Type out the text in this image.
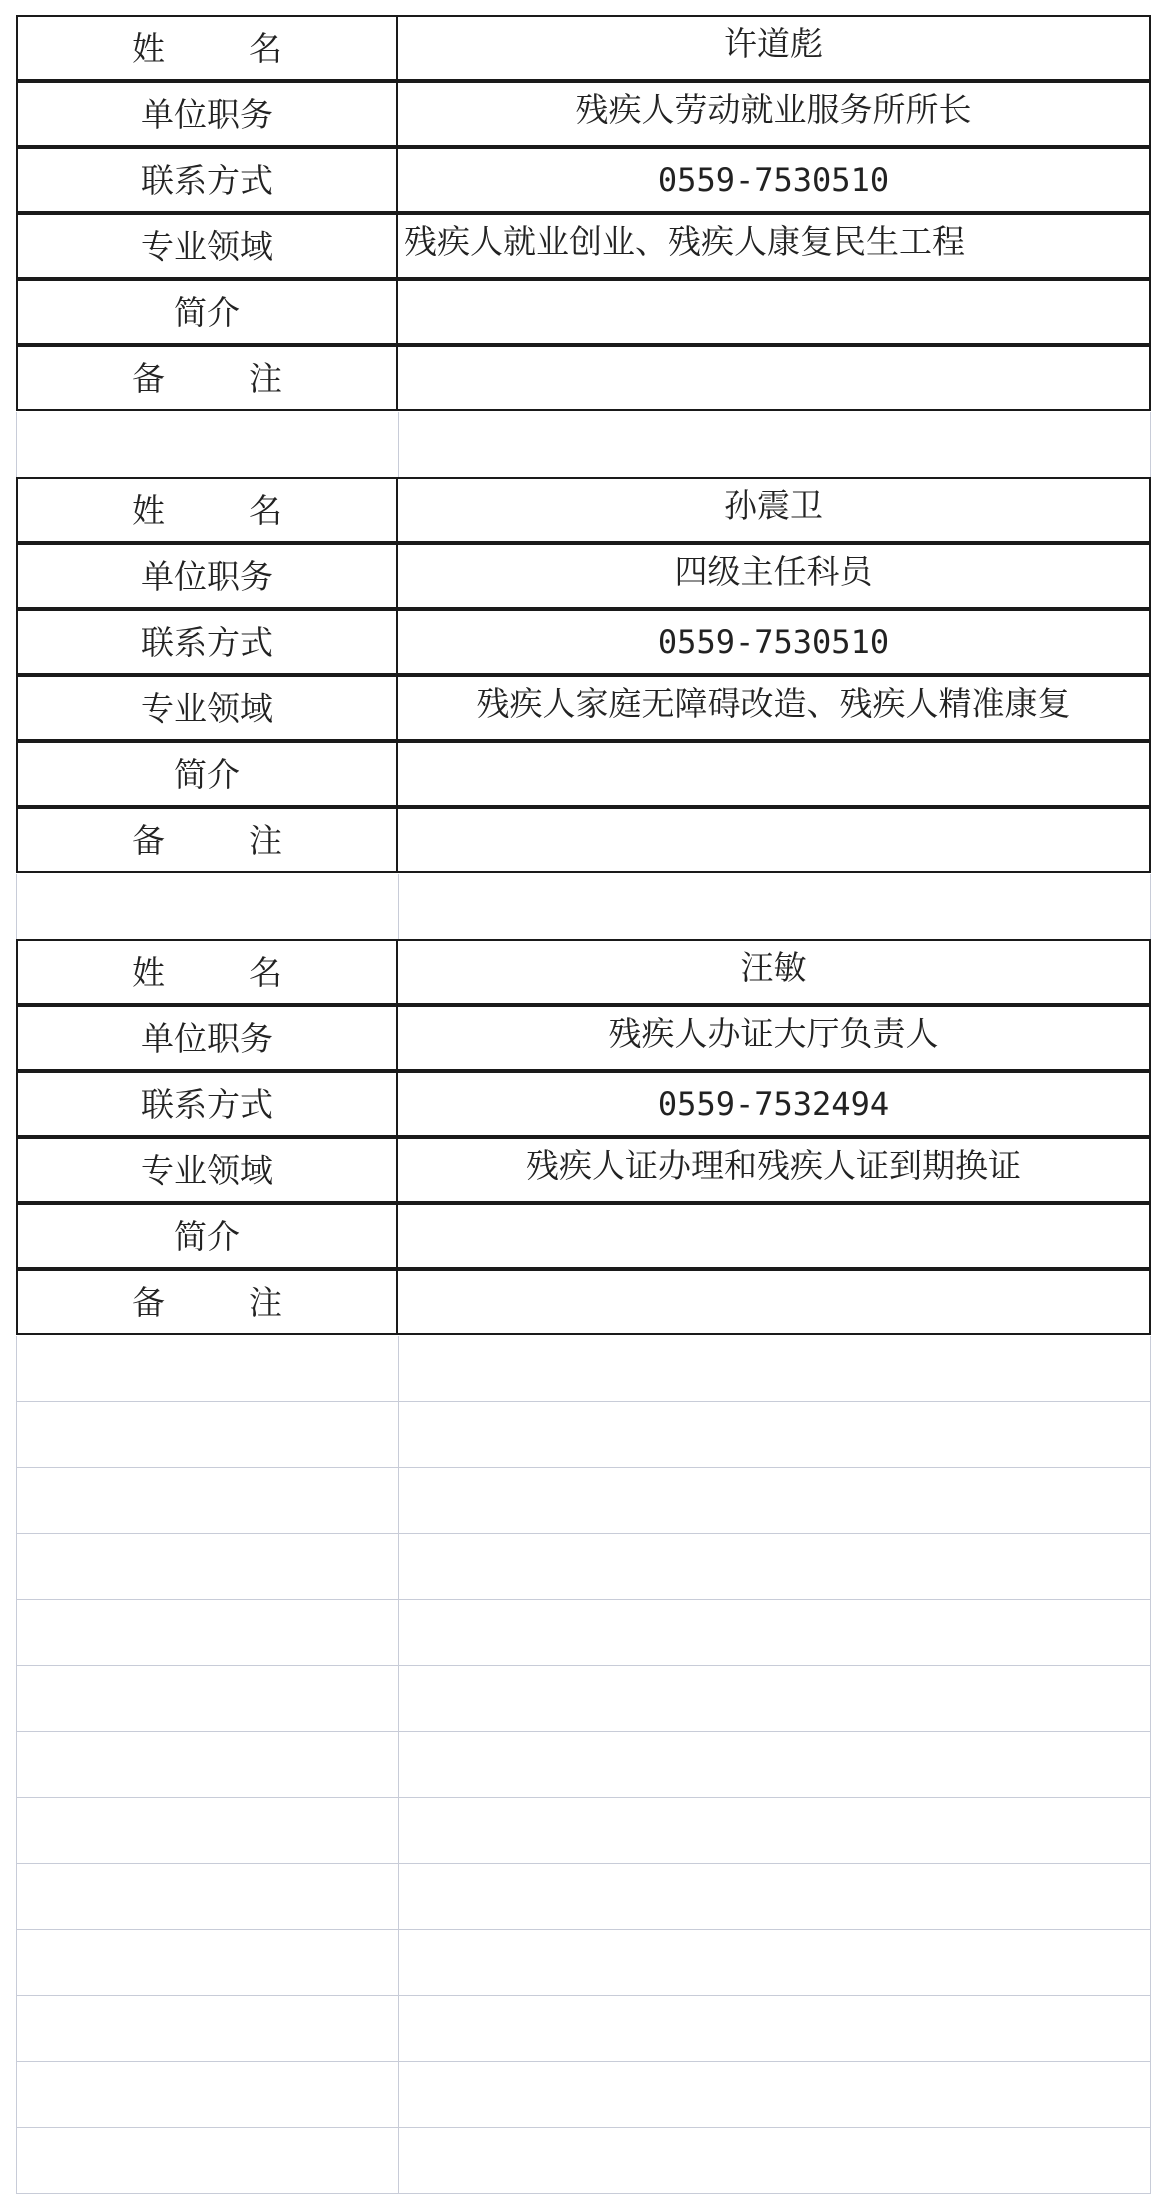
姓	名	许道彪
单位职务	残疾人劳动就业服务所所长
联系方式	0559-7530510
专业领域	残疾人就业创业、残疾人康复民生工程
简介
备	注
姓	名	孙震卫
单位职务	四级主任科员
联系方式	0559-7530510
专业领域	残疾人家庭无障碍改造、残疾人精准康复
简介
备	注
姓	名	汪敏
单位职务	残疾人办证大厅负责人
联系方式	0559-7532494
专业领域	残疾人证办理和残疾人证到期换证
简介
备	注
